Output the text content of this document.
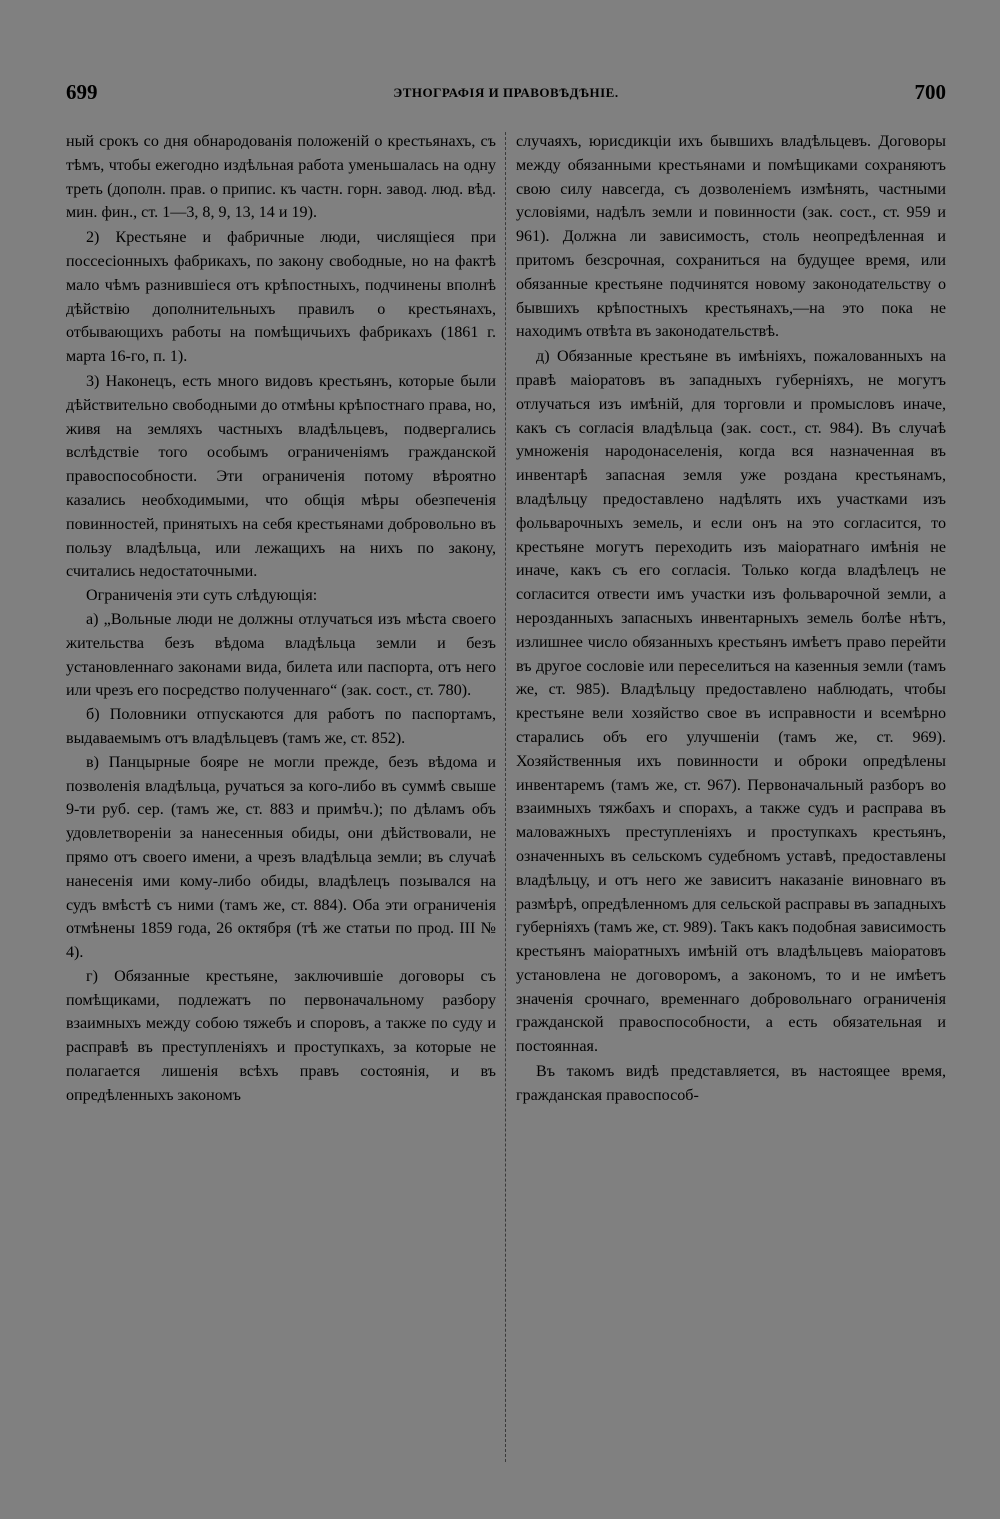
699	ЭТНОГРАФІЯ И ПРАВОВѢДѢНІЕ.	700

ный срокъ со дня обнародованія положеній о крестьянахъ, съ тѣмъ, чтобы ежегодно издѣльная работа уменьшалась на одну треть (дополн. прав. о припис. къ частн. горн. завод. люд. вѣд. мин. фин., ст. 1—3, 8, 9, 13, 14 и 19).

2) Крестьяне и фабричные люди, числящіеся при поссесіонныхъ фабрикахъ, по закону свободные, но на фактѣ мало чѣмъ разнившіеся отъ крѣпостныхъ, подчинены вполнѣ дѣйствію дополнительныхъ правилъ о крестьянахъ, отбывающихъ работы на помѣщичьихъ фабрикахъ (1861 г. марта 16-го, п. 1).

3) Наконецъ, есть много видовъ крестьянъ, которые были дѣйствительно свободными до отмѣны крѣпостнаго права, но, живя на земляхъ частныхъ владѣльцевъ, подвергались вслѣдствіе того особымъ ограниченіямъ гражданской правоспособности. Эти ограниченія потому вѣроятно казались необходимыми, что общія мѣры обезпеченія повинностей, принятыхъ на себя крестьянами добровольно въ пользу владѣльца, или лежащихъ на нихъ по закону, считались недостаточными.

Ограниченія эти суть слѣдующія:

а) „Вольные люди не должны отлучаться изъ мѣста своего жительства безъ вѣдома владѣльца земли и безъ установленнаго законами вида, билета или паспорта, отъ него или чрезъ его посредство полученнаго“ (зак. сост., ст. 780).

б) Половники отпускаются для работъ по паспортамъ, выдаваемымъ отъ владѣльцевъ (тамъ же, ст. 852).

в) Панцырные бояре не могли прежде, безъ вѣдома и позволенія владѣльца, ручаться за кого-либо въ суммѣ свыше 9-ти руб. сер. (тамъ же, ст. 883 и примѣч.); по дѣламъ объ удовлетвореніи за нанесенныя обиды, они дѣйствовали, не прямо отъ своего имени, а чрезъ владѣльца земли; въ случаѣ нанесенія ими кому-либо обиды, владѣлецъ позывался на судъ вмѣстѣ съ ними (тамъ же, ст. 884). Оба эти ограниченія отмѣнены 1859 года, 26 октября (тѣ же статьи по прод. III № 4).

г) Обязанные крестьяне, заключившіе договоры съ помѣщиками, подлежатъ по первоначальному разбору взаимныхъ между собою тяжебъ и споровъ, а также по суду и расправѣ въ преступленіяхъ и проступкахъ, за которые не полагается лишенія всѣхъ правъ состоянія, и въ опредѣленныхъ закономъ

случаяхъ, юрисдикціи ихъ бывшихъ владѣльцевъ. Договоры между обязанными крестьянами и помѣщиками сохраняютъ свою силу навсегда, съ дозволеніемъ измѣнять, частными условіями, надѣлъ земли и повинности (зак. сост., ст. 959 и 961). Должна ли зависимость, столь неопредѣленная и притомъ безсрочная, сохраниться на будущее время, или обязанные крестьяне подчинятся новому законодательству о бывшихъ крѣпостныхъ крестьянахъ,—на это пока не находимъ отвѣта въ законодательствѣ.

д) Обязанные крестьяне въ имѣніяхъ, пожалованныхъ на правѣ маіоратовъ въ западныхъ губерніяхъ, не могутъ отлучаться изъ имѣній, для торговли и промысловъ иначе, какъ съ согласія владѣльца (зак. сост., ст. 984). Въ случаѣ умноженія народонаселенія, когда вся назначенная въ инвентарѣ запасная земля уже роздана крестьянамъ, владѣльцу предоставлено надѣлять ихъ участками изъ фольварочныхъ земель, и если онъ на это согласится, то крестьяне могутъ переходить изъ маіоратнаго имѣнія не иначе, какъ съ его согласія. Только когда владѣлецъ не согласится отвести имъ участки изъ фольварочной земли, а нерозданныхъ запасныхъ инвентарныхъ земель болѣе нѣтъ, излишнее число обязанныхъ крестьянъ имѣетъ право перейти въ другое сословіе или переселиться на казенныя земли (тамъ же, ст. 985). Владѣльцу предоставлено наблюдать, чтобы крестьяне вели хозяйство свое въ исправности и всемѣрно старались объ его улучшеніи (тамъ же, ст. 969). Хозяйственныя ихъ повинности и оброки опредѣлены инвентаремъ (тамъ же, ст. 967). Первоначальный разборъ во взаимныхъ тяжбахъ и спорахъ, а также судъ и расправа въ маловажныхъ преступленіяхъ и проступкахъ крестьянъ, означенныхъ въ сельскомъ судебномъ уставѣ, предоставлены владѣльцу, и отъ него же зависитъ наказаніе виновнаго въ размѣрѣ, опредѣленномъ для сельской расправы въ западныхъ губерніяхъ (тамъ же, ст. 989). Такъ какъ подобная зависимость крестьянъ маіоратныхъ имѣній отъ владѣльцевъ маіоратовъ установлена не договоромъ, а закономъ, то и не имѣетъ значенія срочнаго, временнаго добровольнаго ограниченія гражданской правоспособности, а есть обязательная и постоянная.

Въ такомъ видѣ представляется, въ настоящее время, гражданская правоспособ-
